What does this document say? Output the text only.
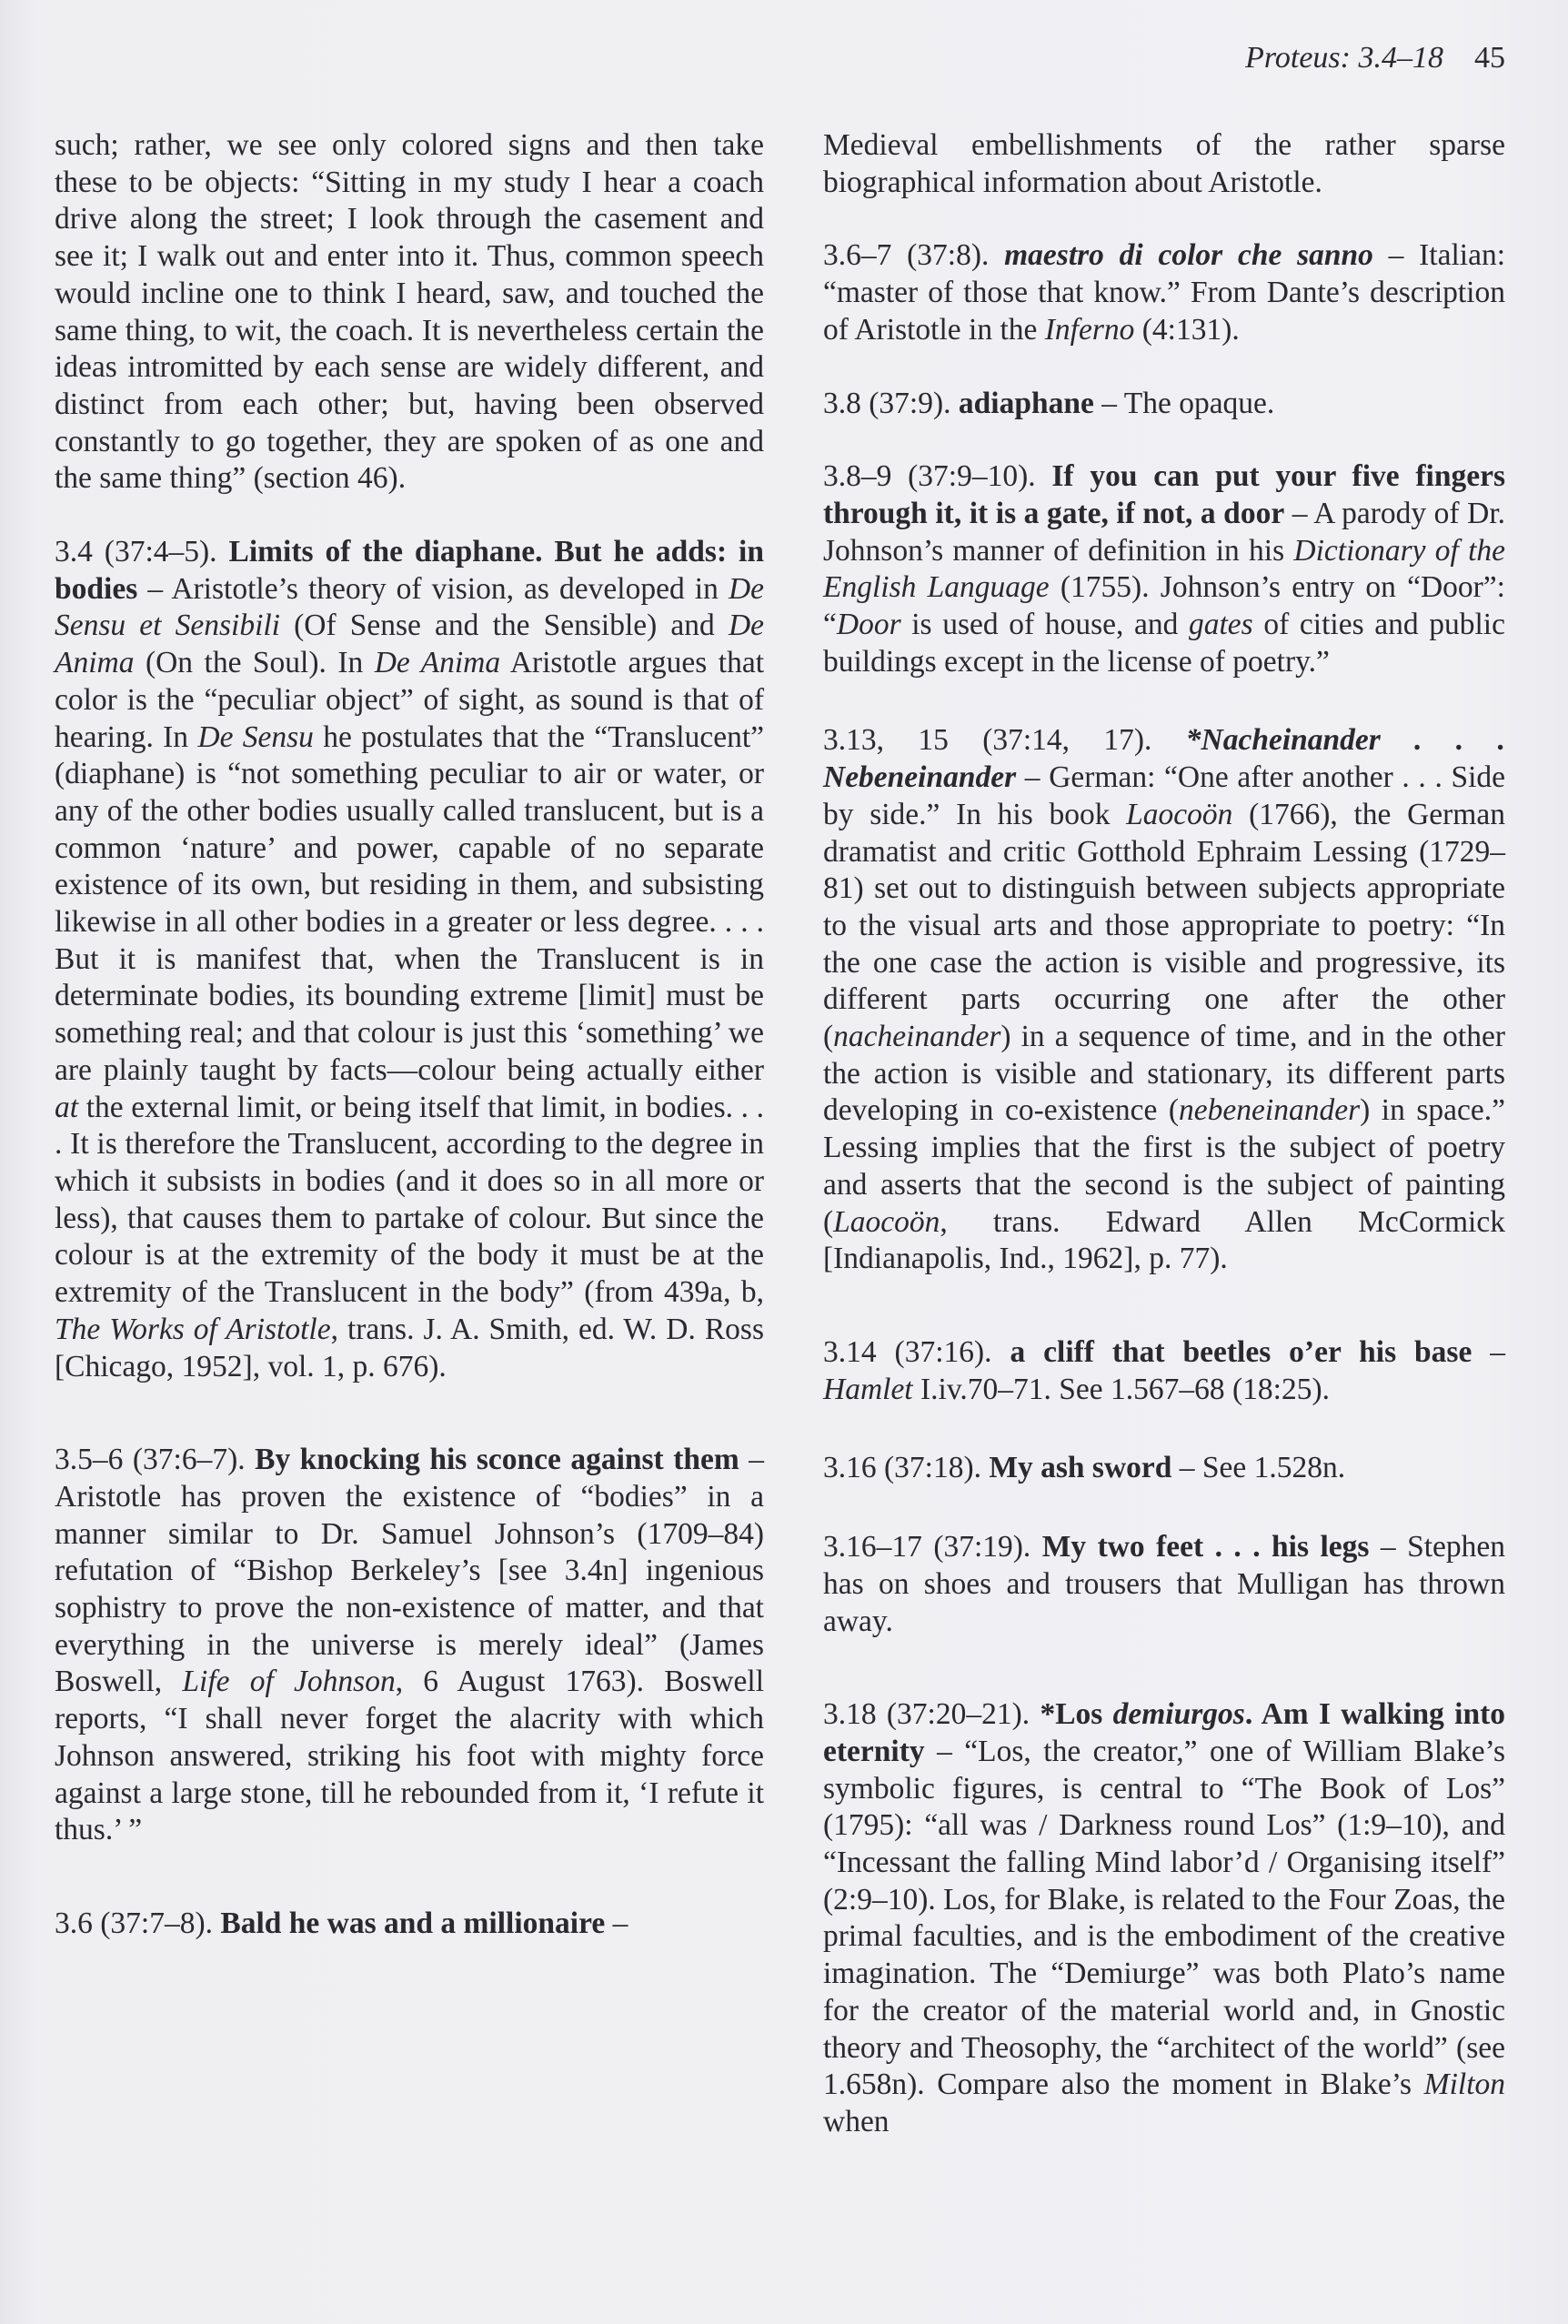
Proteus: 3.4–18 45

such; rather, we see only colored signs and then take these to be objects: “Sitting in my study I hear a coach drive along the street; I look through the casement and see it; I walk out and enter into it. Thus, common speech would incline one to think I heard, saw, and touched the same thing, to wit, the coach. It is nevertheless certain the ideas intromitted by each sense are widely different, and distinct from each other; but, having been observed constantly to go together, they are spoken of as one and the same thing” (section 46).

3.4 (37:4–5). Limits of the diaphane. But he adds: in bodies – Aristotle’s theory of vision, as developed in De Sensu et Sensibili (Of Sense and the Sensible) and De Anima (On the Soul). In De Anima Aristotle argues that color is the “peculiar object” of sight, as sound is that of hearing. In De Sensu he postulates that the “Translucent” (diaphane) is “not something peculiar to air or water, or any of the other bodies usually called translucent, but is a common ‘nature’ and power, capable of no separate existence of its own, but residing in them, and subsisting likewise in all other bodies in a greater or less degree. . . . But it is manifest that, when the Translucent is in determinate bodies, its bounding extreme [limit] must be something real; and that colour is just this ‘something’ we are plainly taught by facts—colour being actually either at the external limit, or being itself that limit, in bodies. . . . It is therefore the Translucent, according to the degree in which it subsists in bodies (and it does so in all more or less), that causes them to partake of colour. But since the colour is at the extremity of the body it must be at the extremity of the Translucent in the body” (from 439a, b, The Works of Aristotle, trans. J. A. Smith, ed. W. D. Ross [Chicago, 1952], vol. 1, p. 676).

3.5–6 (37:6–7). By knocking his sconce against them – Aristotle has proven the existence of “bodies” in a manner similar to Dr. Samuel Johnson’s (1709–84) refutation of “Bishop Berkeley’s [see 3.4n] ingenious sophistry to prove the non-existence of matter, and that everything in the universe is merely ideal” (James Boswell, Life of Johnson, 6 August 1763). Boswell reports, “I shall never forget the alacrity with which Johnson answered, striking his foot with mighty force against a large stone, till he rebounded from it, ‘I refute it thus.’ ”

3.6 (37:7–8). Bald he was and a millionaire –

Medieval embellishments of the rather sparse biographical information about Aristotle.

3.6–7 (37:8). maestro di color che sanno – Italian: “master of those that know.” From Dante’s description of Aristotle in the Inferno (4:131).

3.8 (37:9). adiaphane – The opaque.

3.8–9 (37:9–10). If you can put your five fingers through it, it is a gate, if not, a door – A parody of Dr. Johnson’s manner of definition in his Dictionary of the English Language (1755). Johnson’s entry on “Door”: “Door is used of house, and gates of cities and public buildings except in the license of poetry.”

3.13, 15 (37:14, 17). *Nacheinander . . . Nebeneinander – German: “One after another . . . Side by side.” In his book Laocoön (1766), the German dramatist and critic Gotthold Ephraim Lessing (1729–81) set out to distinguish between subjects appropriate to the visual arts and those appropriate to poetry: “In the one case the action is visible and progressive, its different parts occurring one after the other (nacheinander) in a sequence of time, and in the other the action is visible and stationary, its different parts developing in co-existence (nebeneinander) in space.” Lessing implies that the first is the subject of poetry and asserts that the second is the subject of painting (Laocoön, trans. Edward Allen McCormick [Indianapolis, Ind., 1962], p. 77).

3.14 (37:16). a cliff that beetles o’er his base – Hamlet I.iv.70–71. See 1.567–68 (18:25).

3.16 (37:18). My ash sword – See 1.528n.

3.16–17 (37:19). My two feet . . . his legs – Stephen has on shoes and trousers that Mulligan has thrown away.

3.18 (37:20–21). *Los demiurgos. Am I walking into eternity – “Los, the creator,” one of William Blake’s symbolic figures, is central to “The Book of Los” (1795): “all was / Darkness round Los” (1:9–10), and “Incessant the falling Mind labor’d / Organising itself” (2:9–10). Los, for Blake, is related to the Four Zoas, the primal faculties, and is the embodiment of the creative imagination. The “Demiurge” was both Plato’s name for the creator of the material world and, in Gnostic theory and Theosophy, the “architect of the world” (see 1.658n). Compare also the moment in Blake’s Milton when
